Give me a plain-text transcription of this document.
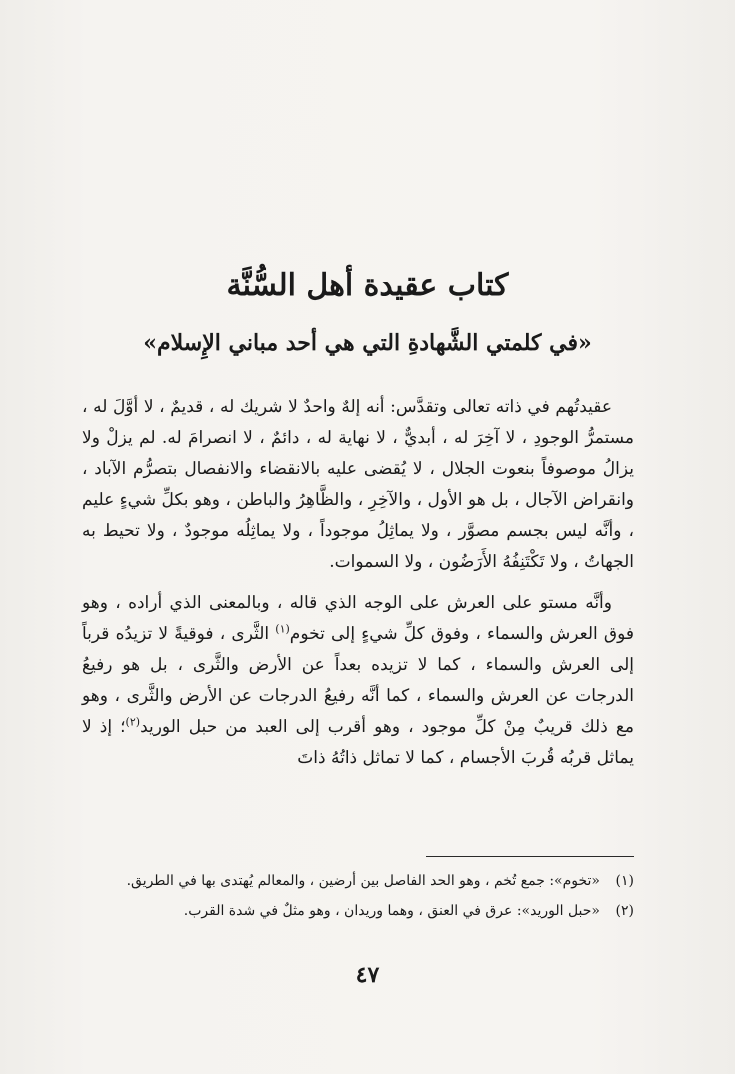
كتاب عقيدة أهل السُّنَّة
«في كلمتي الشَّهادةِ التي هي أحد مباني الإِسلام»

عقيدتُهم في ذاته تعالى وتقدَّس: أنه إلهٌ واحدٌ لا شريك له ، قديمٌ ، لا أوَّلَ له ، مستمرُّ الوجودِ ، لا آخِرَ له ، أبديٌّ ، لا نهاية له ، دائمٌ ، لا انصرامَ له. لم يزلْ ولا يزالُ موصوفاً بنعوت الجلال ، لا يُقضى عليه بالانقضاء والانفصال بتصرُّم الآباد ، وانقراض الآجال ، بل هو الأول ، والآخِرِ ، والظَّاهِرُ والباطن ، وهو بكلِّ شيءٍ عليم ، وأنَّه ليس بجسم مصوَّر ، ولا يماثِلُ موجوداً ، ولا يماثِلُه موجودٌ ، ولا تحيط به الجهاتُ ، ولا تَكْتَنِفُهُ الأَرَضُون ، ولا السموات.

وأنَّه مستو على العرش على الوجه الذي قاله ، وبالمعنى الذي أراده ، وهو فوق العرش والسماء ، وفوق كلِّ شيءٍ إلى تخوم$^{(١)}$ الثَّرى ، فوقيةً لا تزيدُه قرباً إلى العرش والسماء ، كما لا تزيده بعداً عن الأرض والثَّرى ، بل هو رفيعُ الدرجات عن العرش والسماء ، كما أنَّه رفيعُ الدرجات عن الأرض والثَّرى ، وهو مع ذلك قريبٌ مِنْ كلِّ موجود ، وهو أقرب إلى العبد من حبل الوريد$^{(٢)}$؛ إذ لا يماثل قربُه قُربَ الأجسام ، كما لا تماثل ذاتُهُ ذاتَ

(١)
«تخوم»: جمع تُخم ، وهو الحد الفاصل بين أرضين ، والمعالم يُهتدى بها في الطريق.
(٢)
«حبل الوريد»: عرق في العنق ، وهما وريدان ، وهو مثلٌ في شدة القرب.
٤٧
